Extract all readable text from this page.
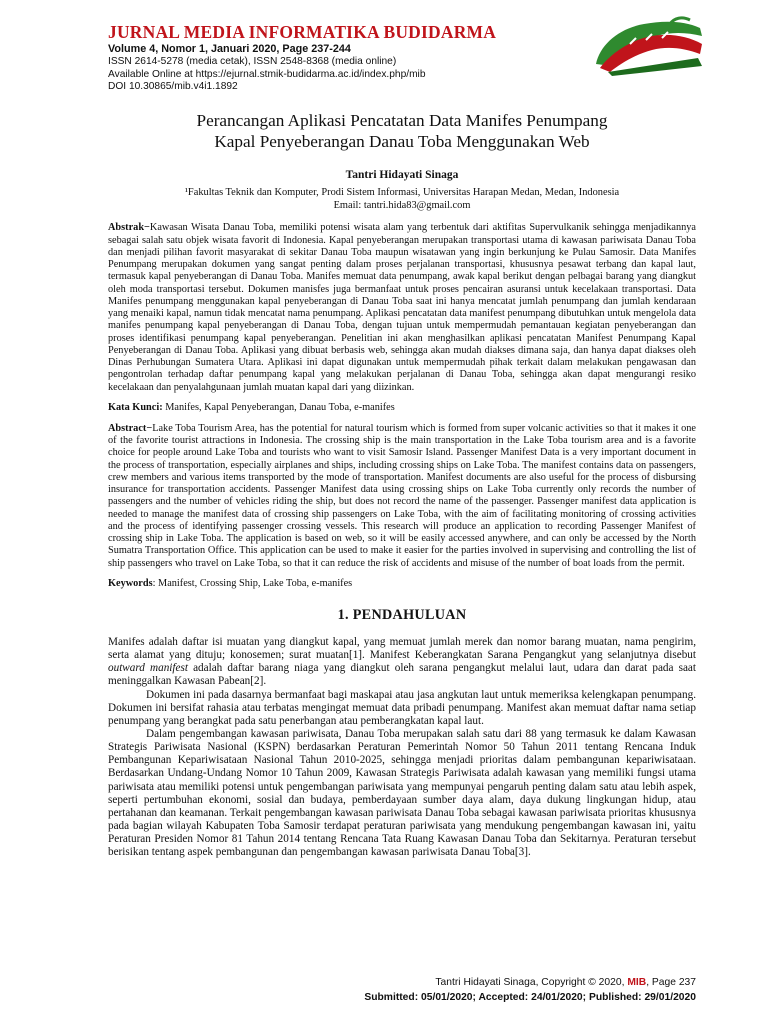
JURNAL MEDIA INFORMATIKA BUDIDARMA
Volume 4, Nomor 1, Januari 2020, Page 237-244
ISSN 2614-5278 (media cetak), ISSN 2548-8368 (media online)
Available Online at https://ejurnal.stmik-budidarma.ac.id/index.php/mib
DOI 10.30865/mib.v4i1.1892
Perancangan Aplikasi Pencatatan Data Manifes Penumpang
Kapal Penyeberangan Danau Toba Menggunakan Web
Tantri Hidayati Sinaga
¹Fakultas Teknik dan Komputer, Prodi Sistem Informasi, Universitas Harapan Medan, Medan, Indonesia
Email: tantri.hida83@gmail.com
Abstrak−Kawasan Wisata Danau Toba, memiliki potensi wisata alam yang terbentuk dari aktifitas Supervulkanik sehingga menjadikannya sebagai salah satu objek wisata favorit di Indonesia. Kapal penyeberangan merupakan transportasi utama di kawasan pariwisata Danau Toba dan menjadi pilihan favorit masyarakat di sekitar Danau Toba maupun wisatawan yang ingin berkunjung ke Pulau Samosir. Data Manifes Penumpang merupakan dokumen yang sangat penting dalam proses perjalanan transportasi, khususnya pesawat terbang dan kapal laut, termasuk kapal penyeberangan di Danau Toba. Manifes memuat data penumpang, awak kapal berikut dengan pelbagai barang yang diangkut oleh moda transportasi tersebut. Dokumen manisfes juga bermanfaat untuk proses pencairan asuransi untuk kecelakaan transportasi. Data Manifes penumpang menggunakan kapal penyeberangan di Danau Toba saat ini hanya mencatat jumlah penumpang dan jumlah kendaraan yang menaiki kapal, namun tidak mencatat nama penumpang. Aplikasi pencatatan data manifest penumpang dibutuhkan untuk mengelola data manifes penumpang kapal penyeberangan di Danau Toba, dengan tujuan untuk mempermudah pemantauan kegiatan penyeberangan dan proses identifikasi penumpang kapal penyeberangan. Penelitian ini akan menghasilkan aplikasi pencatatan Manifest Penumpang Kapal Penyeberangan di Danau Toba. Aplikasi yang dibuat berbasis web, sehingga akan mudah diakses dimana saja, dan hanya dapat diakses oleh Dinas Perhubungan Sumatera Utara. Aplikasi ini dapat digunakan untuk mempermudah pihak terkait dalam melakukan pengawasan dan pengontrolan terhadap daftar penumpang kapal yang melakukan perjalanan di Danau Toba, sehingga akan dapat mengurangi resiko kecelakaan dan penyalahgunaan jumlah muatan kapal dari yang diizinkan.
Kata Kunci: Manifes, Kapal Penyeberangan, Danau Toba, e-manifes
Abstract−Lake Toba Tourism Area, has the potential for natural tourism which is formed from super volcanic activities so that it makes it one of the favorite tourist attractions in Indonesia. The crossing ship is the main transportation in the Lake Toba tourism area and is a favorite choice for people around Lake Toba and tourists who want to visit Samosir Island. Passenger Manifest Data is a very important document in the process of transportation, especially airplanes and ships, including crossing ships on Lake Toba. The manifest contains data on passengers, crew members and various items transported by the mode of transportation. Manifest documents are also useful for the process of disbursing insurance for transportation accidents. Passenger Manifest data using crossing ships on Lake Toba currently only records the number of passengers and the number of vehicles riding the ship, but does not record the name of the passenger. Passenger manifest data application is needed to manage the manifest data of crossing ship passengers on Lake Toba, with the aim of facilitating monitoring of crossing activities and the process of identifying passenger crossing vessels. This research will produce an application to recording Passenger Manifest of crossing ship in Lake Toba. The application is based on web, so it will be easily accessed anywhere, and can only be accessed by the North Sumatra Transportation Office. This application can be used to make it easier for the parties involved in supervising and controlling the list of ship passengers who travel on Lake Toba, so that it can reduce the risk of accidents and misuse of the number of boat loads from the permit.
Keywords: Manifest, Crossing Ship, Lake Toba, e-manifes
1. PENDAHULUAN

Manifes adalah daftar isi muatan yang diangkut kapal, yang memuat jumlah merek dan nomor barang muatan, nama pengirim, serta alamat yang dituju; konosemen; surat muatan[1]. Manifest Keberangkatan Sarana Pengangkut yang selanjutnya disebut outward manifest adalah daftar barang niaga yang diangkut oleh sarana pengangkut melalui laut, udara dan darat pada saat meninggalkan Kawasan Pabean[2].

Dokumen ini pada dasarnya bermanfaat bagi maskapai atau jasa angkutan laut untuk memeriksa kelengkapan penumpang. Dokumen ini bersifat rahasia atau terbatas mengingat memuat data pribadi penumpang. Manifest akan memuat daftar nama setiap penumpang yang berangkat pada satu penerbangan atau pemberangkatan kapal laut.

Dalam pengembangan kawasan pariwisata, Danau Toba merupakan salah satu dari 88 yang termasuk ke dalam Kawasan Strategis Pariwisata Nasional (KSPN) berdasarkan Peraturan Pemerintah Nomor 50 Tahun 2011 tentang Rencana Induk Pembangunan Kepariwisataan Nasional Tahun 2010-2025, sehingga menjadi prioritas dalam pembangunan kepariwisataan. Berdasarkan Undang-Undang Nomor 10 Tahun 2009, Kawasan Strategis Pariwisata adalah kawasan yang memiliki fungsi utama pariwisata atau memiliki potensi untuk pengembangan pariwisata yang mempunyai pengaruh penting dalam satu atau lebih aspek, seperti pertumbuhan ekonomi, sosial dan budaya, pemberdayaan sumber daya alam, daya dukung lingkungan hidup, atau pertahanan dan keamanan. Terkait pengembangan kawasan pariwisata Danau Toba sebagai kawasan pariwisata prioritas khususnya pada bagian wilayah Kabupaten Toba Samosir terdapat peraturan pariwisata yang mendukung pengembangan kawasan ini, yaitu Peraturan Presiden Nomor 81 Tahun 2014 tentang Rencana Tata Ruang Kawasan Danau Toba dan Sekitarnya. Peraturan tersebut berisikan tentang aspek pembangunan dan pengembangan kawasan pariwisata Danau Toba[3].

Tantri Hidayati Sinaga, Copyright © 2020, MIB, Page 237
Submitted: 05/01/2020; Accepted: 24/01/2020; Published: 29/01/2020
